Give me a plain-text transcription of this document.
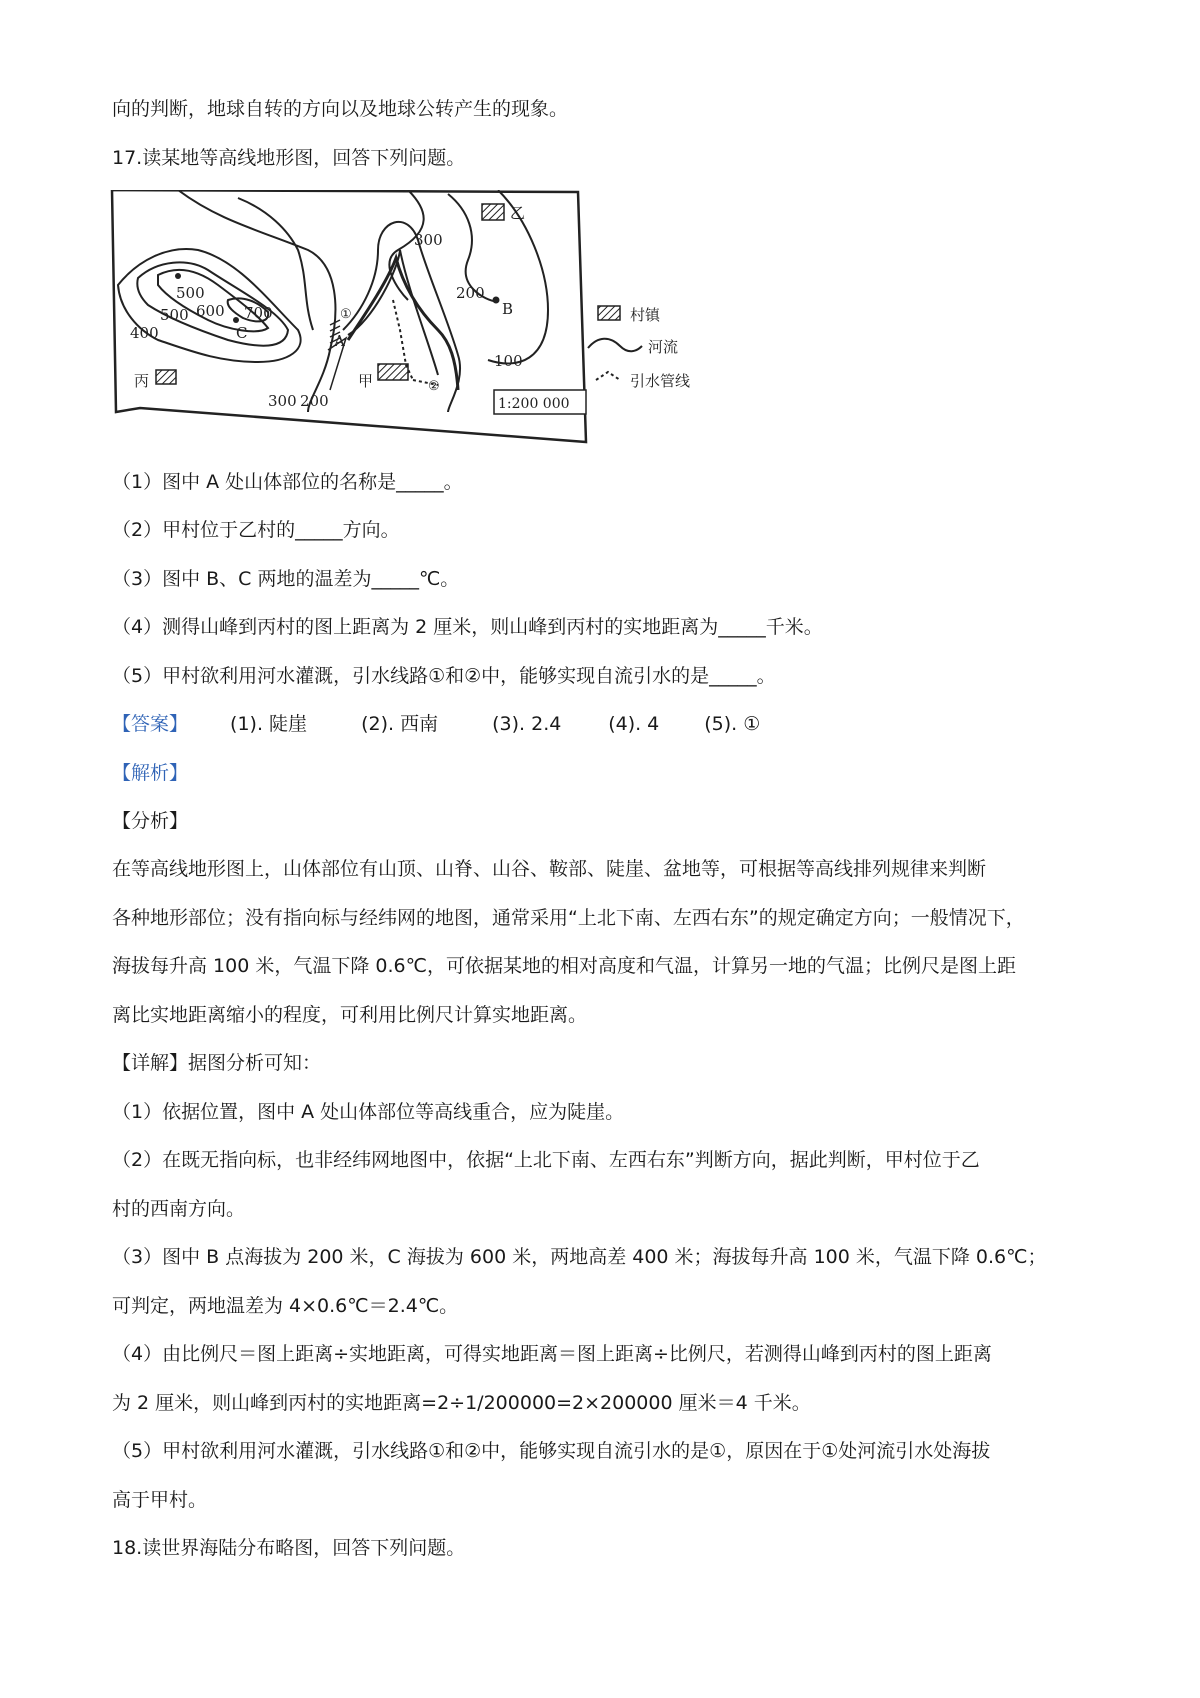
向的判断，地球自转的方向以及地球公转产生的现象。
17.读某地等高线地形图，回答下列问题。
300
200
100
500
600 700
400
300 200
500
A
B
C
乙
甲
丙
①
②
1:200 000
村镇
河流
引水管线
（1）图中 A 处山体部位的名称是_____。
（2）甲村位于乙村的_____方向。
（3）图中 B、C 两地的温差为_____℃。
（4）测得山峰到丙村的图上距离为 2 厘米，则山峰到丙村的实地距离为_____千米。
（5）甲村欲利用河水灌溉，引水线路①和②中，能够实现自流引水的是_____。
【答案】 (1). 陡崖	(2). 西南	(3). 2.4 (4). 4 (5). ①
【解析】
【分析】
在等高线地形图上，山体部位有山顶、山脊、山谷、鞍部、陡崖、盆地等，可根据等高线排列规律来判断
各种地形部位；没有指向标与经纬网的地图，通常采用“上北下南、左西右东”的规定确定方向；一般情况下，
海拔每升高 100 米，气温下降 0.6℃，可依据某地的相对高度和气温，计算另一地的气温；比例尺是图上距
离比实地距离缩小的程度，可利用比例尺计算实地距离。
【详解】据图分析可知：
（1）依据位置，图中 A 处山体部位等高线重合，应为陡崖。
（2）在既无指向标，也非经纬网地图中，依据“上北下南、左西右东”判断方向，据此判断，甲村位于乙
村的西南方向。
（3）图中 B 点海拔为 200 米，C 海拔为 600 米，两地高差 400 米；海拔每升高 100 米，气温下降 0.6℃；
可判定，两地温差为 4×0.6℃＝2.4℃。
（4）由比例尺＝图上距离÷实地距离，可得实地距离＝图上距离÷比例尺，若测得山峰到丙村的图上距离
为 2 厘米，则山峰到丙村的实地距离=2÷1/200000=2×200000 厘米＝4 千米。
（5）甲村欲利用河水灌溉，引水线路①和②中，能够实现自流引水的是①，原因在于①处河流引水处海拔
高于甲村。
18.读世界海陆分布略图，回答下列问题。
